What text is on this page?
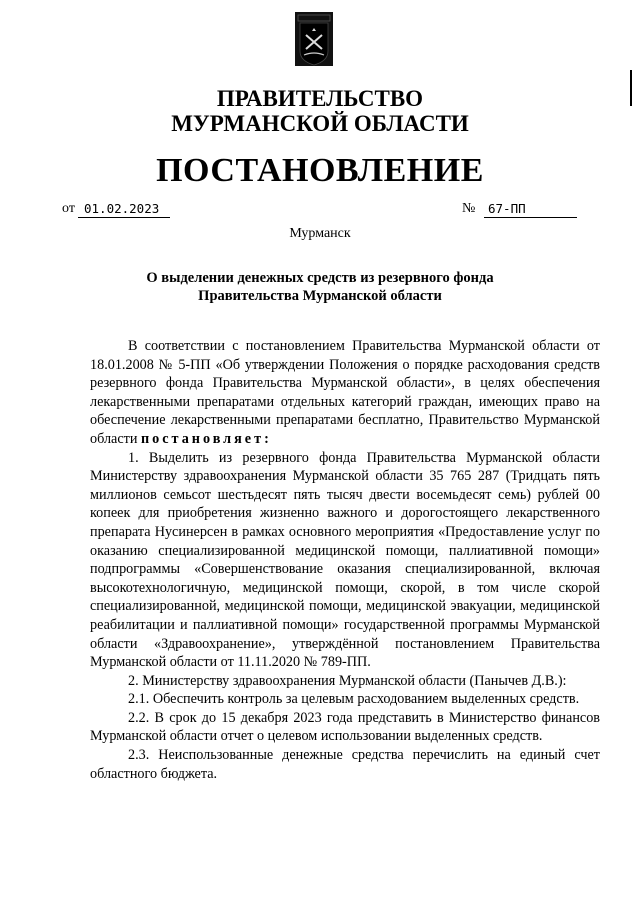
ПРАВИТЕЛЬСТВО
МУРМАНСКОЙ ОБЛАСТИ
ПОСТАНОВЛЕНИЕ
от 01.02.2023	№	67-ПП
Мурманск
О выделении денежных средств из резервного фонда
Правительства Мурманской области

В соответствии с постановлением Правительства Мурманской области от 18.01.2008 № 5-ПП «Об утверждении Положения о порядке расходования средств резервного фонда Правительства Мурманской области», в целях обеспечения лекарственными препаратами отдельных категорий граждан, имеющих право на обеспечение лекарственными препаратами бесплатно, Правительство Мурманской области постановляет:

1. Выделить из резервного фонда Правительства Мурманской области Министерству здравоохранения Мурманской области 35 765 287 (Тридцать пять миллионов семьсот шестьдесят пять тысяч двести восемьдесят семь) рублей 00 копеек для приобретения жизненно важного и дорогостоящего лекарственного препарата Нусинерсен в рамках основного мероприятия «Предоставление услуг по оказанию специализированной медицинской помощи, паллиативной помощи» подпрограммы «Совершенствование оказания специализированной, включая высокотехнологичную, медицинской помощи, скорой, в том числе скорой специализированной, медицинской помощи, медицинской эвакуации, медицинской реабилитации и паллиативной помощи» государственной программы Мурманской области «Здравоохранение», утверждённой постановлением Правительства Мурманской области от 11.11.2020 № 789-ПП.

2. Министерству здравоохранения Мурманской области (Панычев Д.В.):

2.1. Обеспечить контроль за целевым расходованием выделенных средств.

2.2. В срок до 15 декабря 2023 года представить в Министерство финансов Мурманской области отчет о целевом использовании выделенных средств.

2.3. Неиспользованные денежные средства перечислить на единый счет областного бюджета.
